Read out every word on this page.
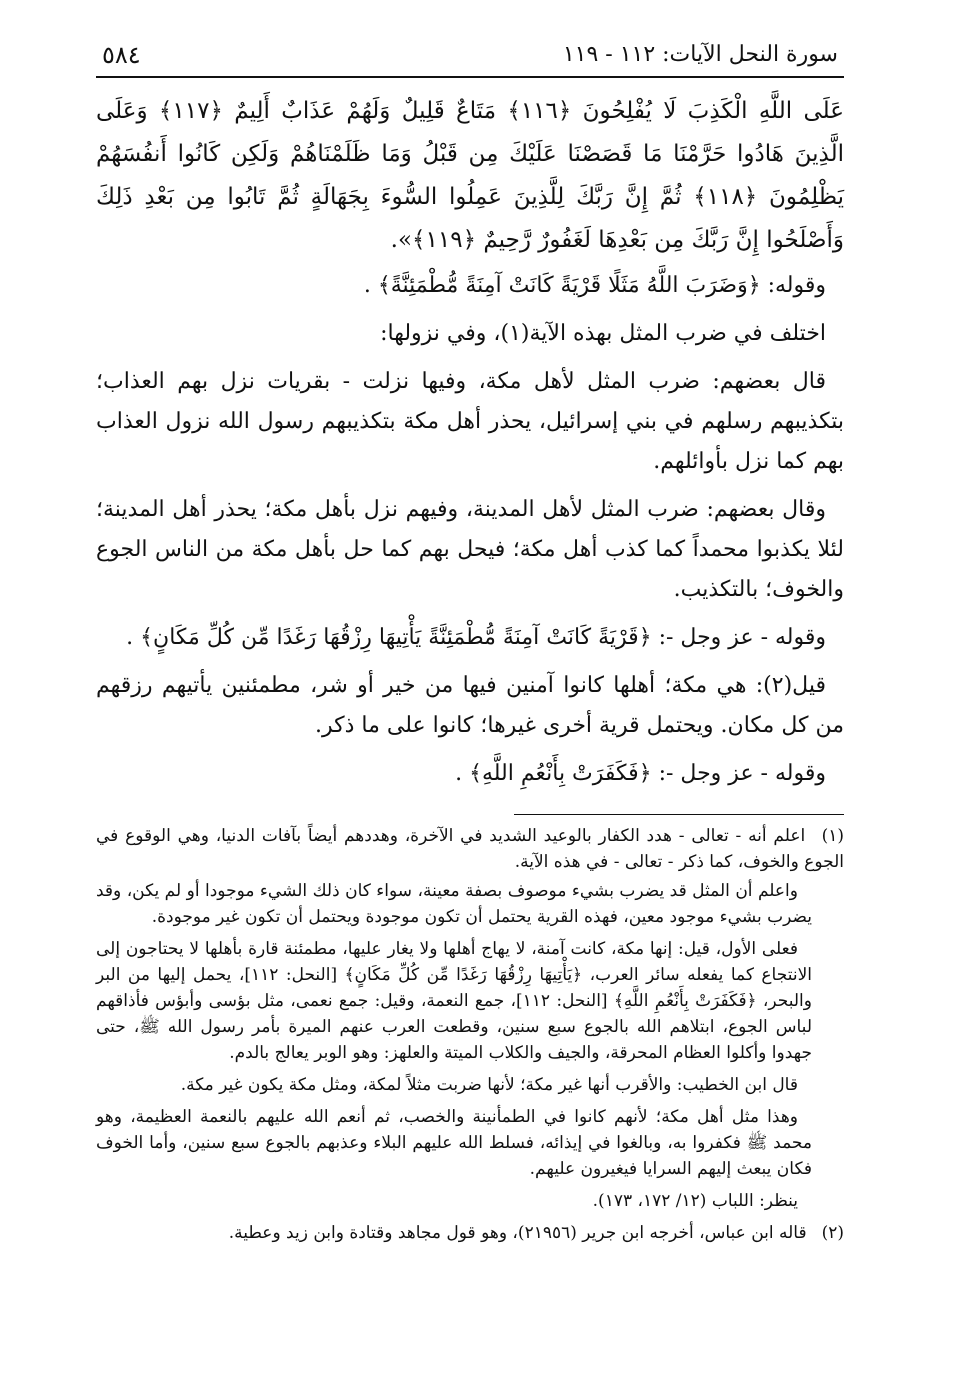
سورة النحل الآيات: ١١٢ - ١١٩
٥٨٤

عَلَى اللَّهِ الْكَذِبَ لَا يُفْلِحُونَ ﴿١١٦﴾ مَتَاعٌ قَلِيلٌ وَلَهُمْ عَذَابٌ أَلِيمٌ ﴿١١٧﴾ وَعَلَى الَّذِينَ هَادُوا حَرَّمْنَا مَا قَصَصْنَا عَلَيْكَ مِن قَبْلُ وَمَا ظَلَمْنَاهُمْ وَلَكِن كَانُوا أَنفُسَهُمْ يَظْلِمُونَ ﴿١١٨﴾ ثُمَّ إِنَّ رَبَّكَ لِلَّذِينَ عَمِلُوا السُّوءَ بِجَهَالَةٍ ثُمَّ تَابُوا مِن بَعْدِ ذَلِكَ وَأَصْلَحُوا إِنَّ رَبَّكَ مِن بَعْدِهَا لَغَفُورٌ رَّحِيمٌ ﴿١١٩﴾».

وقوله: ﴿وَضَرَبَ اللَّهُ مَثَلًا قَرْيَةً كَانَتْ آمِنَةً مُّطْمَئِنَّةً﴾ .

اختلف في ضرب المثل بهذه الآية(١)، وفي نزولها:

قال بعضهم: ضرب المثل لأهل مكة، وفيها نزلت - بقريات نزل بهم العذاب؛ بتكذيبهم رسلهم في بني إسرائيل، يحذر أهل مكة بتكذيبهم رسول الله نزول العذاب بهم كما نزل بأوائلهم.

وقال بعضهم: ضرب المثل لأهل المدينة، وفيهم نزل بأهل مكة؛ يحذر أهل المدينة؛ لئلا يكذبوا محمداً كما كذب أهل مكة؛ فيحل بهم كما حل بأهل مكة من الناس الجوع والخوف؛ بالتكذيب.

وقوله - عز وجل -: ﴿قَرْيَةً كَانَتْ آمِنَةً مُّطْمَئِنَّةً يَأْتِيهَا رِزْقُهَا رَغَدًا مِّن كُلِّ مَكَانٍ﴾ .

قيل(٢): هي مكة؛ أهلها كانوا آمنين فيها من خير أو شر، مطمئنين يأتيهم رزقهم من كل مكان. ويحتمل قرية أخرى غيرها؛ كانوا على ما ذكر.

وقوله - عز وجل -: ﴿فَكَفَرَتْ بِأَنْعُمِ اللَّهِ﴾ .

(١) اعلم أنه - تعالى - هدد الكفار بالوعيد الشديد في الآخرة، وهددهم أيضاً بآفات الدنيا، وهي الوقوع في الجوع والخوف، كما ذكر - تعالى - في هذه الآية.

واعلم أن المثل قد يضرب بشيء موصوف بصفة معينة، سواء كان ذلك الشيء موجودا أو لم يكن، وقد يضرب بشيء موجود معين، فهذه القرية يحتمل أن تكون موجودة ويحتمل أن تكون غير موجودة.

فعلى الأول، قيل: إنها مكة، كانت آمنة، لا يهاج أهلها ولا يغار عليها، مطمئنة قارة بأهلها لا يحتاجون إلى الانتجاع كما يفعله سائر العرب، ﴿يَأْتِيهَا رِزْقُهَا رَغَدًا مِّن كُلِّ مَكَانٍ﴾ [النحل: ١١٢]، يحمل إليها من البر والبحر، ﴿فَكَفَرَتْ بِأَنْعُمِ اللَّهِ﴾ [النحل: ١١٢]، جمع النعمة، وقيل: جمع نعمى، مثل بؤسى وأبؤس فأذاقهم لباس الجوع، ابتلاهم الله بالجوع سبع سنين، وقطعت العرب عنهم الميرة بأمر رسول الله ﷺ، حتى جهدوا وأكلوا العظام المحرقة، والجيف والكلاب الميتة والعلهز: وهو الوبر يعالج بالدم.

قال ابن الخطيب: والأقرب أنها غير مكة؛ لأنها ضربت مثلاً لمكة، ومثل مكة يكون غير مكة.

وهذا مثل أهل مكة؛ لأنهم كانوا في الطمأنينة والخصب، ثم أنعم الله عليهم بالنعمة العظيمة، وهو محمد ﷺ فكفروا به، وبالغوا في إيذائه، فسلط الله عليهم البلاء وعذبهم بالجوع سبع سنين، وأما الخوف فكان يبعث إليهم السرايا فيغيرون عليهم.

ينظر: اللباب (١٢/ ١٧٢، ١٧٣).

(٢) قاله ابن عباس، أخرجه ابن جرير (٢١٩٥٦)، وهو قول مجاهد وقتادة وابن زيد وعطية.
